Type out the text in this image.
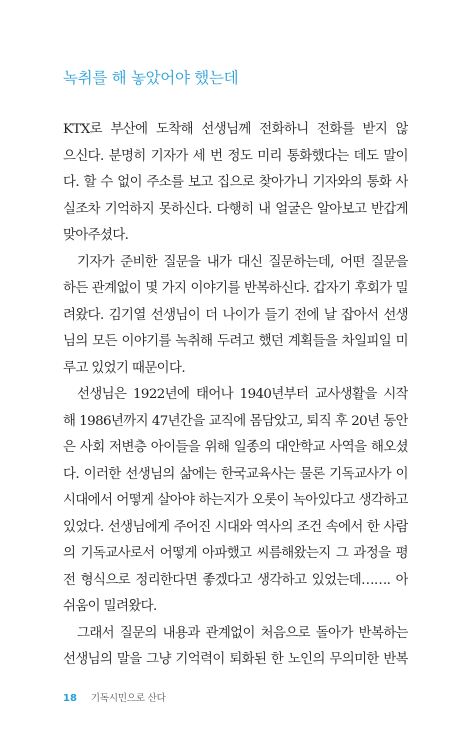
녹취를 해 놓았어야 했는데

KTX로 부산에 도착해 선생님께 전화하니 전화를 받지 않
으신다. 분명히 기자가 세 번 정도 미리 통화했다는 데도 말이
다. 할 수 없이 주소를 보고 집으로 찾아가니 기자와의 통화 사
실조차 기억하지 못하신다. 다행히 내 얼굴은 알아보고 반갑게
맞아주셨다.

기자가 준비한 질문을 내가 대신 질문하는데, 어떤 질문을
하든 관계없이 몇 가지 이야기를 반복하신다. 갑자기 후회가 밀
려왔다. 김기열 선생님이 더 나이가 들기 전에 날 잡아서 선생
님의 모든 이야기를 녹취해 두려고 했던 계획들을 차일피일 미
루고 있었기 때문이다.

선생님은 1922년에 태어나 1940년부터 교사생활을 시작
해 1986년까지 47년간을 교직에 몸담았고, 퇴직 후 20년 동안
은 사회 저변층 아이들을 위해 일종의 대안학교 사역을 해오셨
다. 이러한 선생님의 삶에는 한국교육사는 물론 기독교사가 이
시대에서 어떻게 살아야 하는지가 오롯이 녹아있다고 생각하고
있었다. 선생님에게 주어진 시대와 역사의 조건 속에서 한 사람
의 기독교사로서 어떻게 아파했고 씨름해왔는지 그 과정을 평
전 형식으로 정리한다면 좋겠다고 생각하고 있었는데……. 아
쉬움이 밀려왔다.

그래서 질문의 내용과 관계없이 처음으로 돌아가 반복하는
선생님의 말을 그냥 기억력이 퇴화된 한 노인의 무의미한 반복

18 기독시민으로 산다
